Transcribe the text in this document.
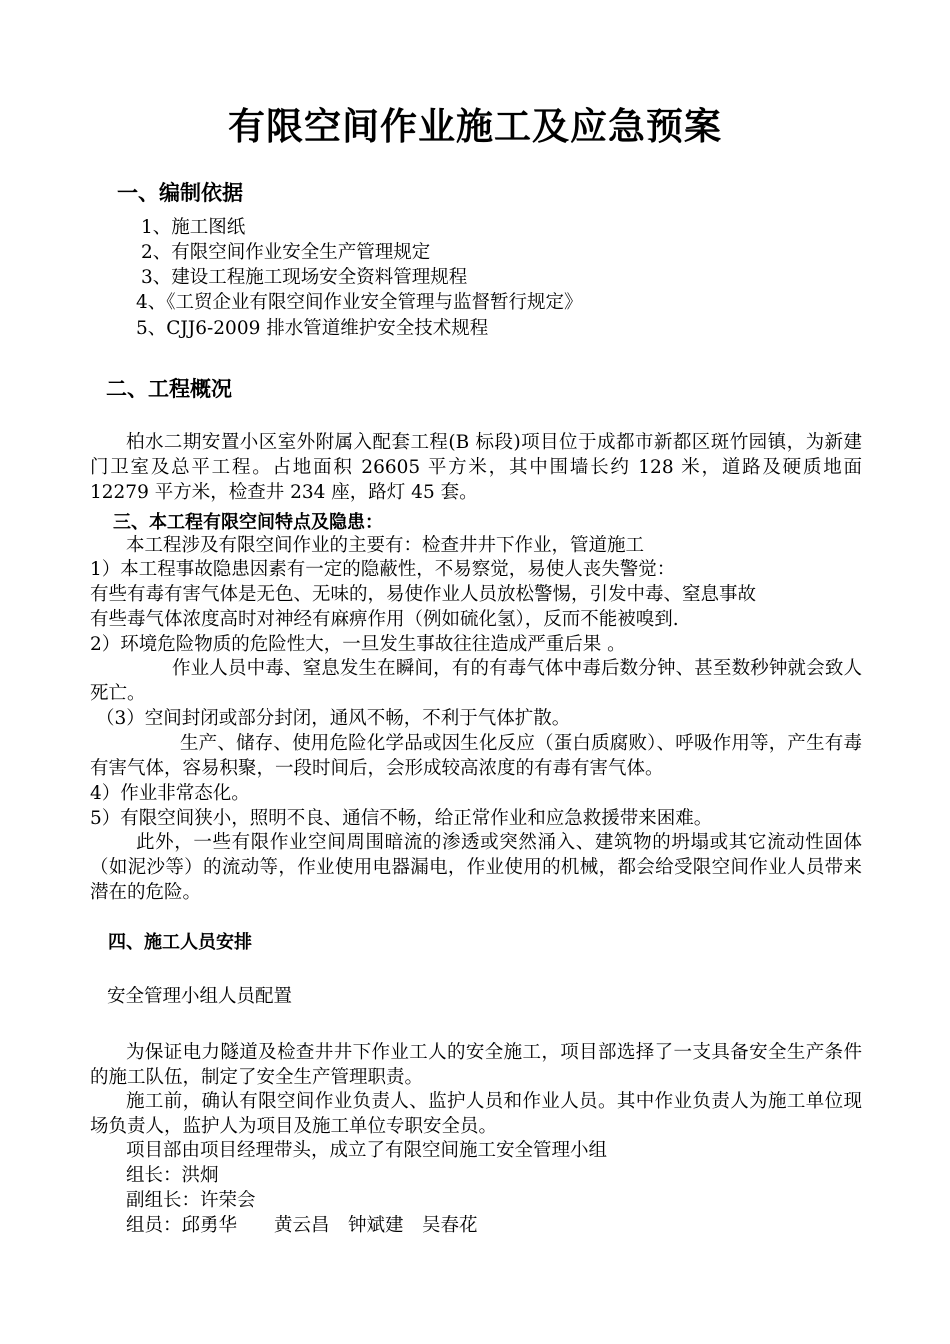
有限空间作业施工及应急预案
一、编制依据
1、施工图纸
2、有限空间作业安全生产管理规定
3、建设工程施工现场安全资料管理规程
4、《工贸企业有限空间作业安全管理与监督暂行规定》
5、CJJ6-2009 排水管道维护安全技术规程
二、工程概况
柏水二期安置小区室外附属入配套工程(B 标段)项目位于成都市新都区斑竹园镇，为新建门卫室及总平工程。占地面积 26605 平方米，其中围墙长约 128 米，道路及硬质地面 12279 平方米，检查井 234 座，路灯 45 套。
三、本工程有限空间特点及隐患：
本工程涉及有限空间作业的主要有：检查井井下作业，管道施工
1）本工程事故隐患因素有一定的隐蔽性，不易察觉，易使人丧失警觉：
有些有毒有害气体是无色、无味的，易使作业人员放松警惕，引发中毒、窒息事故
有些毒气体浓度高时对神经有麻痹作用（例如硫化氢），反而不能被嗅到.
2）环境危险物质的危险性大，一旦发生事故往往造成严重后果 。
作业人员中毒、窒息发生在瞬间，有的有毒气体中毒后数分钟、甚至数秒钟就会致人死亡。
（3）空间封闭或部分封闭，通风不畅，不利于气体扩散。
生产、储存、使用危险化学品或因生化反应（蛋白质腐败）、呼吸作用等，产生有毒有害气体，容易积聚，一段时间后，会形成较高浓度的有毒有害气体。
4）作业非常态化。
5）有限空间狭小，照明不良、通信不畅，给正常作业和应急救援带来困难。
此外，一些有限作业空间周围暗流的渗透或突然涌入、建筑物的坍塌或其它流动性固体（如泥沙等）的流动等，作业使用电器漏电，作业使用的机械，都会给受限空间作业人员带来潜在的危险。
四、施工人员安排
安全管理小组人员配置
为保证电力隧道及检查井井下作业工人的安全施工，项目部选择了一支具备安全生产条件的施工队伍，制定了安全生产管理职责。
施工前，确认有限空间作业负责人、监护人员和作业人员。其中作业负责人为施工单位现场负责人，监护人为项目及施工单位专职安全员。
项目部由项目经理带头，成立了有限空间施工安全管理小组
组长：洪炯
副组长：许荣会
组员：邱勇华　　黄云昌　钟斌建　吴春花
